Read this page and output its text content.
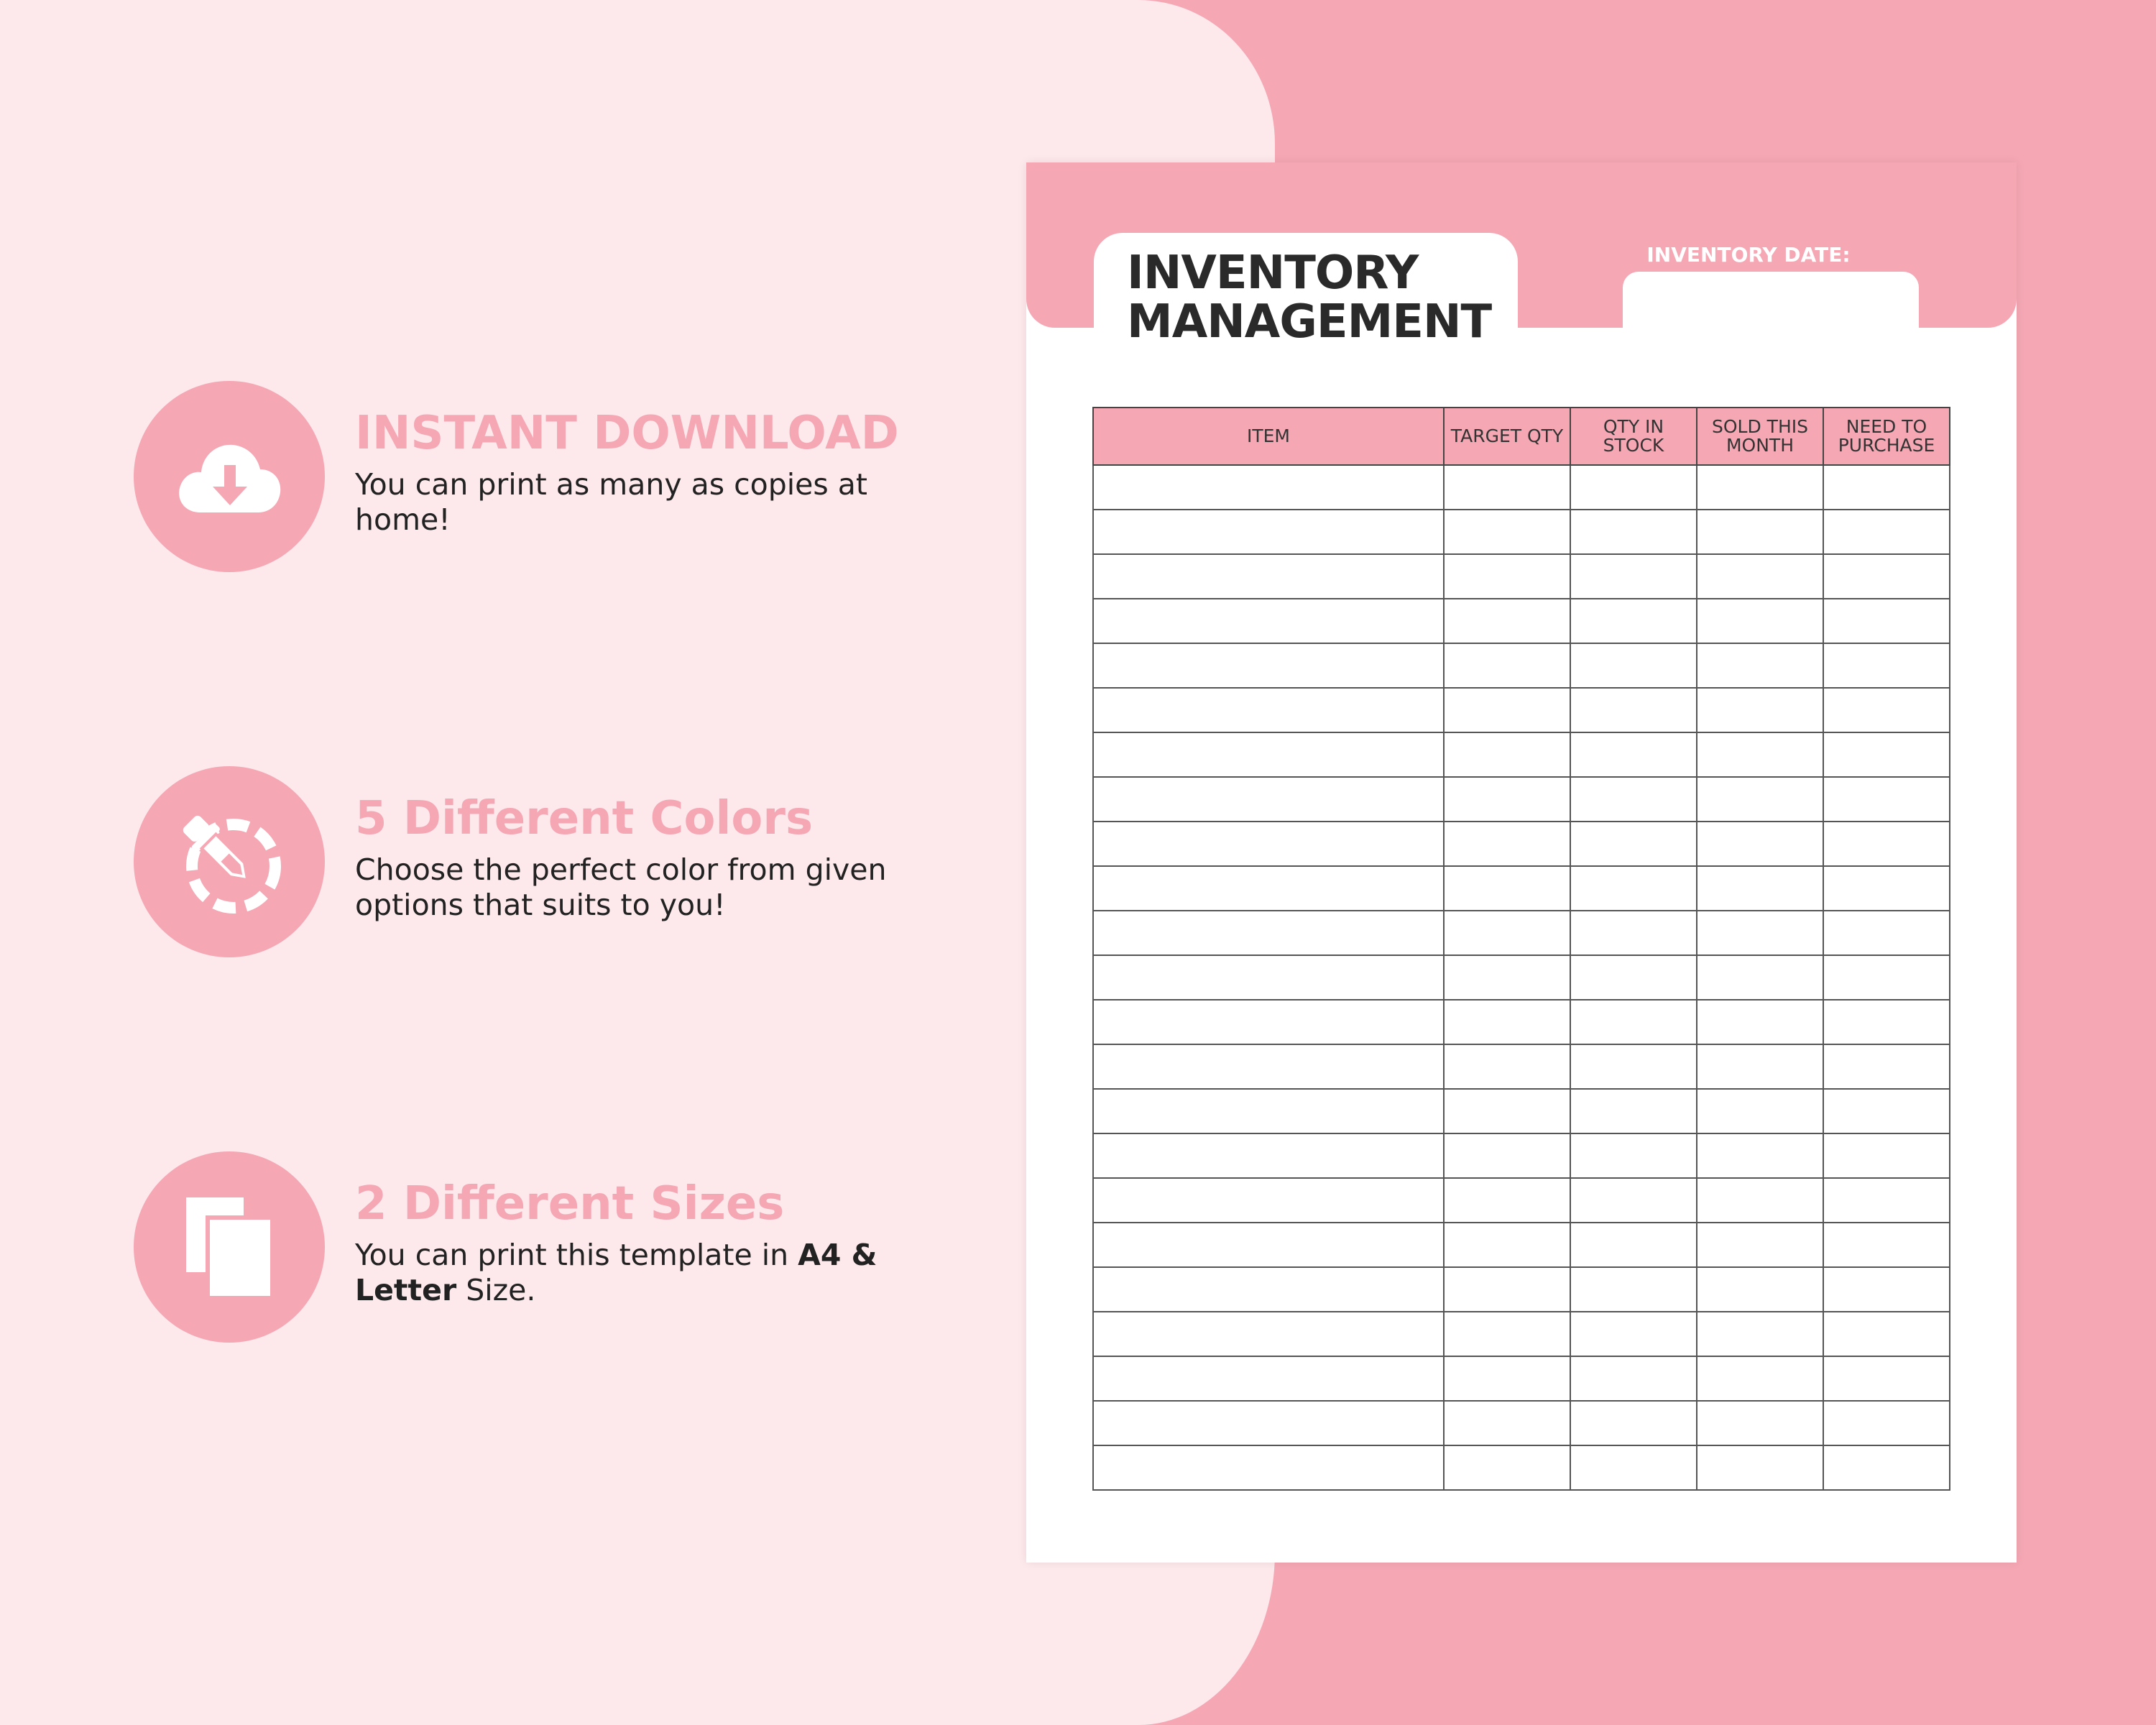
INSTANT DOWNLOAD
You can print as many as copies at home!
5 Different Colors
Choose the perfect color from given options that suits to you!
2 Different Sizes
You can print this template in A4 & Letter Size.
INVENTORY
MANAGEMENT
INVENTORY DATE:
ITEM	TARGET QTY	QTY IN STOCK	SOLD THIS MONTH	NEED TO PURCHASE
